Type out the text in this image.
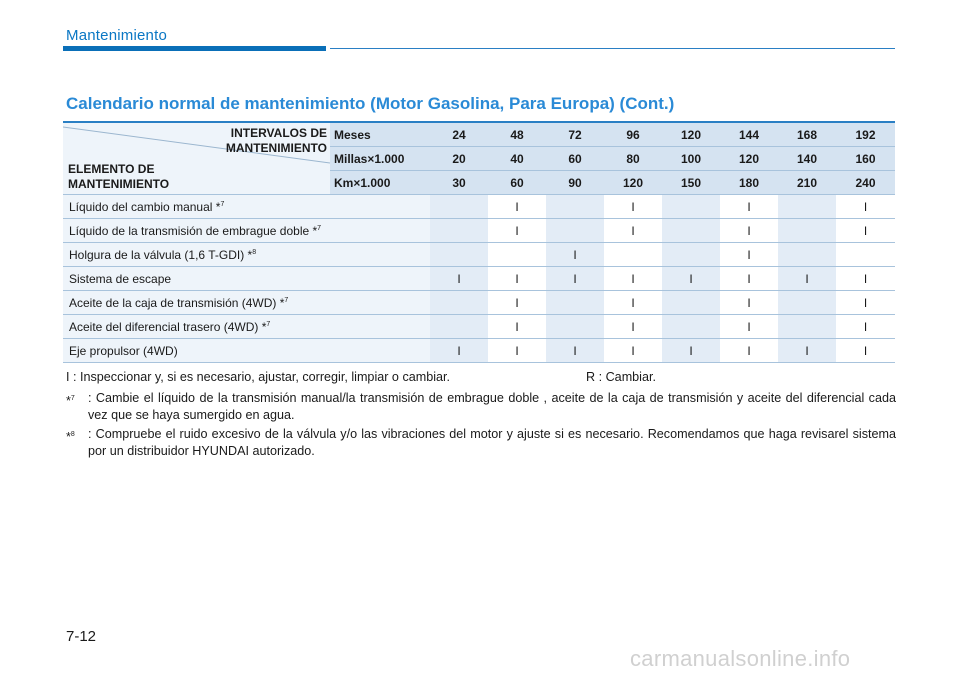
Mantenimiento
Calendario normal de mantenimiento (Motor Gasolina, Para Europa) (Cont.)
INTERVALOS DE
MANTENIMIENTO
ELEMENTO DE
MANTENIMIENTO	Meses	24	48	72	96	120	144	168	192
	Millas×1.000	20	40	60	80	100	120	140	160
	Km×1.000	30	60	90	120	150	180	210	240
Líquido del cambio manual *$^7$			I		I		I		I
Líquido de la transmisión de embrague doble *$^7$			I		I		I		I
Holgura de la válvula (1,6 T-GDI) *$^8$				I			I		
Sistema de escape		I	I	I	I	I	I	I	I
Aceite de la caja de transmisión (4WD) *$^7$			I		I		I		I
Aceite del diferencial trasero (4WD) *$^7$			I		I		I		I
Eje propulsor (4WD)		I	I	I	I	I	I	I	I
I : Inspeccionar y, si es necesario, ajustar, corregir, limpiar o cambiar.	R : Cambiar.
*$^7$	: Cambie el líquido de la transmisión manual/la transmisión de embrague doble , aceite de la caja de transmisión y aceite del diferencial cada vez que se haya sumergido en agua.
*$^8$	: Compruebe el ruido excesivo de la válvula y/o las vibraciones del motor y ajuste si es necesario. Recomendamos que haga revisarel sistema por un distribuidor HYUNDAI autorizado.
7-12
carmanualsonline.info
